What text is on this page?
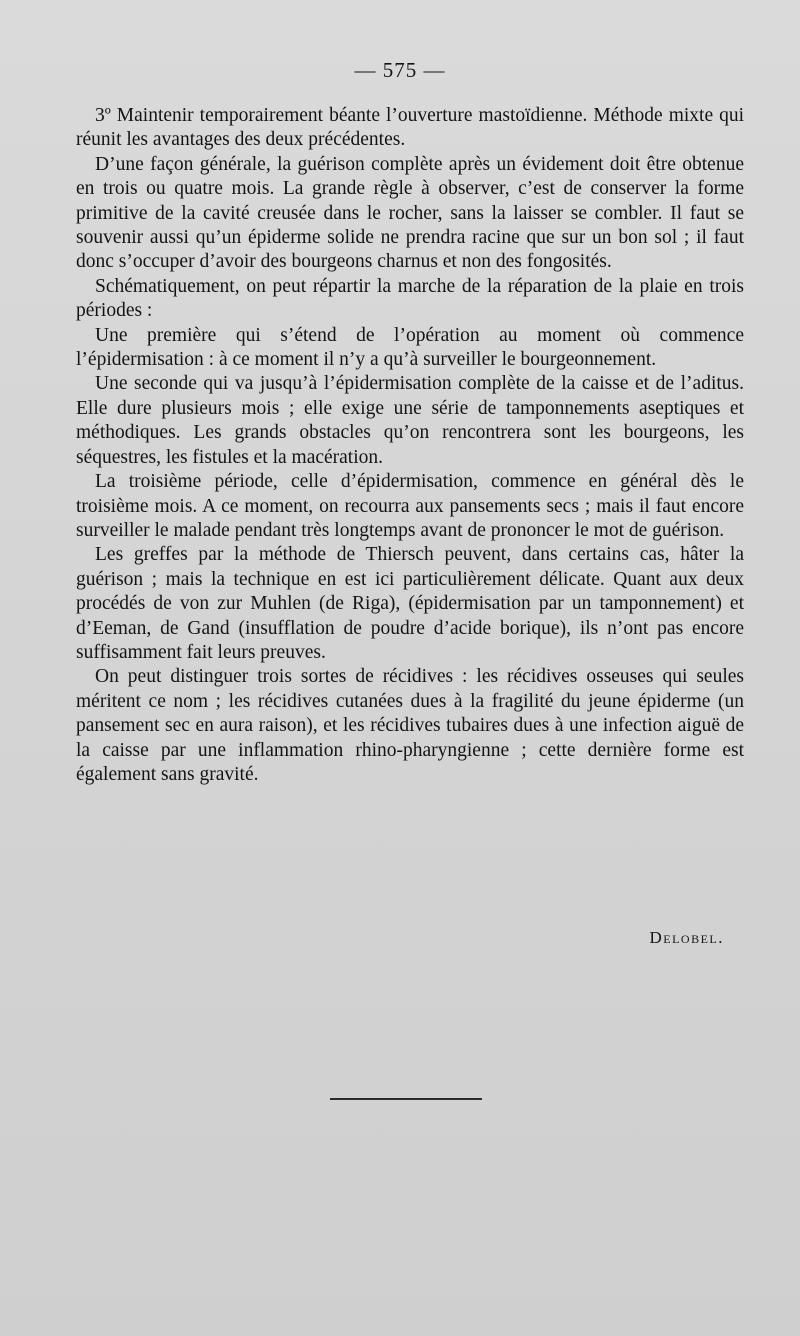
— 575 —

3º Maintenir temporairement béante l’ouverture mastoïdienne. Méthode mixte qui réunit les avantages des deux précédentes.

D’une façon générale, la guérison complète après un évidement doit être obtenue en trois ou quatre mois. La grande règle à observer, c’est de conserver la forme primitive de la cavité creusée dans le rocher, sans la laisser se combler. Il faut se souvenir aussi qu’un épiderme solide ne prendra racine que sur un bon sol ; il faut donc s’occuper d’avoir des bourgeons charnus et non des fongosités.

Schématiquement, on peut répartir la marche de la réparation de la plaie en trois périodes :

Une première qui s’étend de l’opération au moment où commence l’épidermisation : à ce moment il n’y a qu’à surveiller le bourgeonnement.

Une seconde qui va jusqu’à l’épidermisation complète de la caisse et de l’aditus. Elle dure plusieurs mois ; elle exige une série de tamponnements aseptiques et méthodiques. Les grands obstacles qu’on rencontrera sont les bourgeons, les séquestres, les fistules et la macération.

La troisième période, celle d’épidermisation, commence en général dès le troisième mois. A ce moment, on recourra aux pansements secs ; mais il faut encore surveiller le malade pendant très longtemps avant de prononcer le mot de guérison.

Les greffes par la méthode de Thiersch peuvent, dans certains cas, hâter la guérison ; mais la technique en est ici particulièrement délicate. Quant aux deux procédés de von zur Muhlen (de Riga), (épidermisation par un tamponnement) et d’Eeman, de Gand (insufflation de poudre d’acide borique), ils n’ont pas encore suffisamment fait leurs preuves.

On peut distinguer trois sortes de récidives : les récidives osseuses qui seules méritent ce nom ; les récidives cutanées dues à la fragilité du jeune épiderme (un pansement sec en aura raison), et les récidives tubaires dues à une infection aiguë de la caisse par une inflammation rhino-pharyngienne ; cette dernière forme est également sans gravité.

Delobel.
